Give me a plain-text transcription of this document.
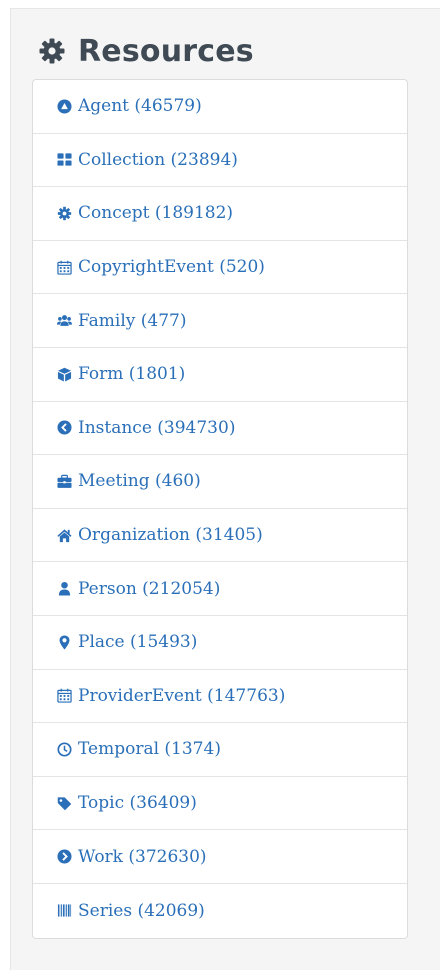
Resources
Agent (46579)
Collection (23894)
Concept (189182)
CopyrightEvent (520)
Family (477)
Form (1801)
Instance (394730)
Meeting (460)
Organization (31405)
Person (212054)
Place (15493)
ProviderEvent (147763)
Temporal (1374)
Topic (36409)
Work (372630)
Series (42069)
